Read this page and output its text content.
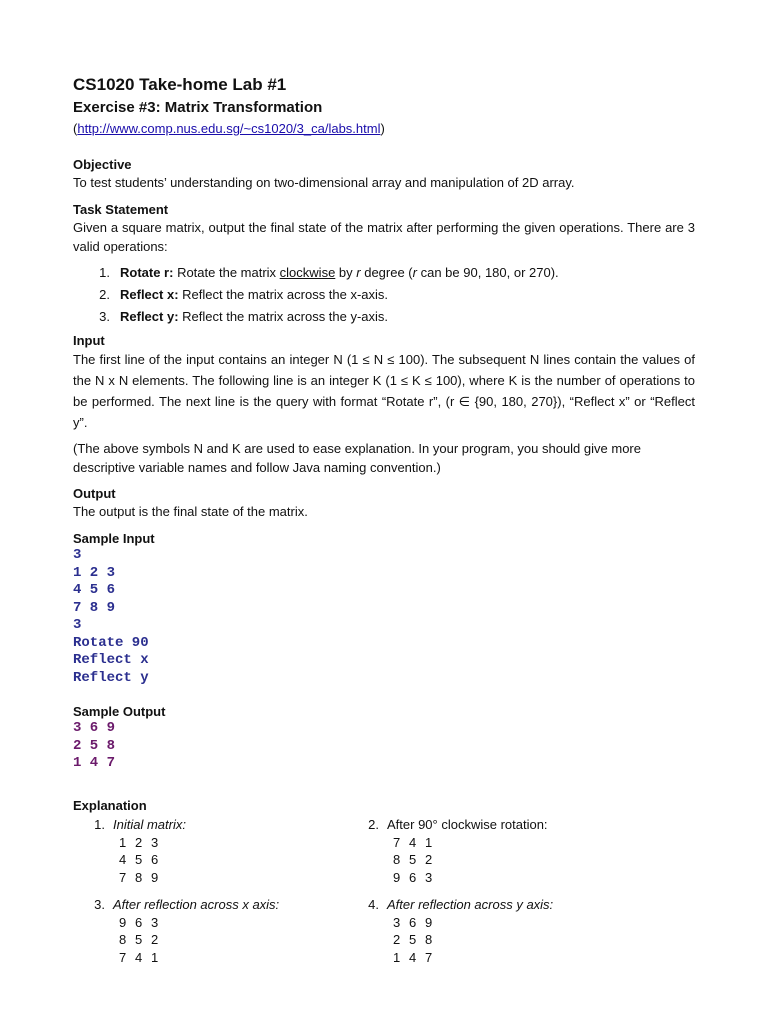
CS1020 Take-home Lab #1
Exercise #3: Matrix Transformation
(http://www.comp.nus.edu.sg/~cs1020/3_ca/labs.html)
Objective

To test students’ understanding on two-dimensional array and manipulation of 2D array.

Task Statement

Given a square matrix, output the final state of the matrix after performing the given operations. There are 3 valid operations:

1. Rotate r: Rotate the matrix clockwise by r degree (r can be 90, 180, or 270).
2. Reflect x: Reflect the matrix across the x-axis.
3. Reflect y: Reflect the matrix across the y-axis.
Input

The first line of the input contains an integer N (1 ≤ N ≤ 100). The subsequent N lines contain the values of the N x N elements. The following line is an integer K (1 ≤ K ≤ 100), where K is the number of operations to be performed. The next line is the query with format “Rotate r”, (r ∈ {90, 180, 270}), “Reflect x” or “Reflect y”.

(The above symbols N and K are used to ease explanation. In your program, you should give more descriptive variable names and follow Java naming convention.)

Output

The output is the final state of the matrix.

Sample Input
3
1 2 3
4 5 6
7 8 9
3
Rotate 90
Reflect x
Reflect y
Sample Output
3 6 9
2 5 8
1 4 7
Explanation
1. Initial matrix:
1 2 3
4 5 6
7 8 9
2. After 90° clockwise rotation:
7 4 1
8 5 2
9 6 3
3. After reflection across x axis:
9 6 3
8 5 2
7 4 1
4. After reflection across y axis:
3 6 9
2 5 8
1 4 7
